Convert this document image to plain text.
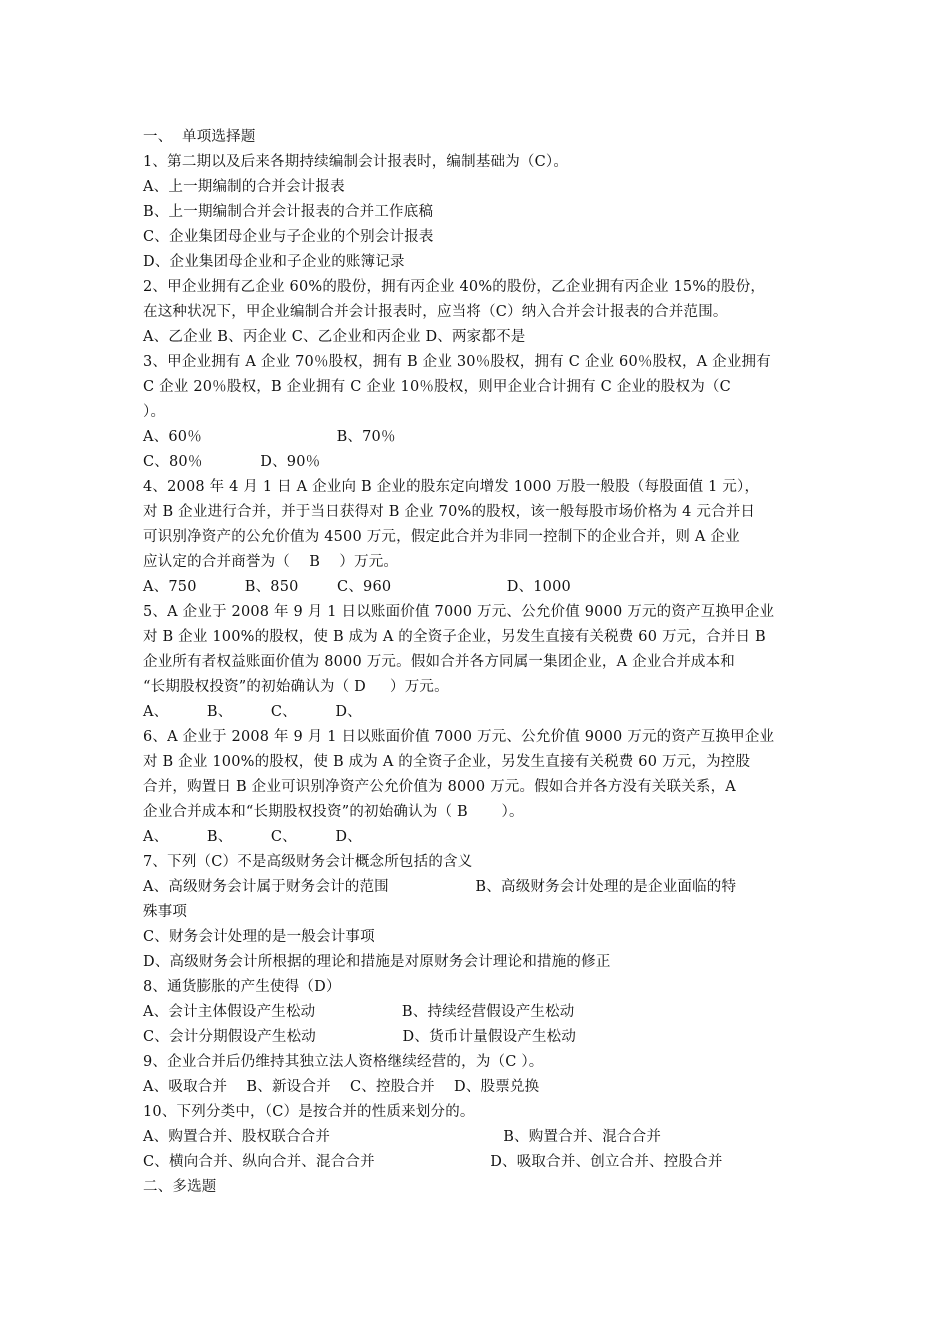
一、  单项选择题
1、第二期以及后来各期持续编制会计报表时，编制基础为（C）。
A、上一期编制的合并会计报表
B、上一期编制合并会计报表的合并工作底稿
C、企业集团母企业与子企业的个别会计报表
D、企业集团母企业和子企业的账簿记录
2、甲企业拥有乙企业 60%的股份，拥有丙企业 40%的股份，乙企业拥有丙企业 15%的股份，
在这种状况下，甲企业编制合并会计报表时，应当将（C）纳入合并会计报表的合并范围。
A、乙企业 B、丙企业 C、乙企业和丙企业 D、两家都不是
3、甲企业拥有 A 企业 70％股权，拥有 B 企业 30％股权，拥有 C 企业 60％股权，A 企业拥有
C 企业 20％股权，B 企业拥有 C 企业 10％股权，则甲企业合计拥有 C 企业的股权为（C
）。
A、60％                            B、70％
C、80％            D、90％
4、2008 年 4 月 1 日 A 企业向 B 企业的股东定向增发 1000 万股一般股（每股面值 1 元），
对 B 企业进行合并，并于当日获得对 B 企业 70%的股权，该一般每股市场价格为 4 元合并日
可识别净资产的公允价值为 4500 万元，假定此合并为非同一控制下的企业合并，则 A 企业
应认定的合并商誉为（    B    ）万元。
A、750          B、850        C、960                        D、1000
5、A 企业于 2008 年 9 月 1 日以账面价值 7000 万元、公允价值 9000 万元的资产互换甲企业
对 B 企业 100%的股权，使 B 成为 A 的全资子企业，另发生直接有关税费 60 万元，合并日 B
企业所有者权益账面价值为 8000 万元。假如合并各方同属一集团企业，A 企业合并成本和
“长期股权投资”的初始确认为（ D     ）万元。
A、        B、        C、        D、
6、A 企业于 2008 年 9 月 1 日以账面价值 7000 万元、公允价值 9000 万元的资产互换甲企业
对 B 企业 100%的股权，使 B 成为 A 的全资子企业，另发生直接有关税费 60 万元，为控股
合并，购置日 B 企业可识别净资产公允价值为 8000 万元。假如合并各方没有关联关系，A
企业合并成本和“长期股权投资”的初始确认为（ B       ）。
A、        B、        C、        D、
7、下列（C）不是高级财务会计概念所包括的含义
A、高级财务会计属于财务会计的范围                  B、高级财务会计处理的是企业面临的特
殊事项
C、财务会计处理的是一般会计事项
D、高级财务会计所根据的理论和措施是对原财务会计理论和措施的修正
8、通货膨胀的产生使得（D）
A、会计主体假设产生松动                  B、持续经营假设产生松动
C、会计分期假设产生松动                  D、货币计量假设产生松动
9、企业合并后仍维持其独立法人资格继续经营的，为（C ）。
A、吸取合并    B、新设合并    C、控股合并    D、股票兑换
10、下列分类中，（C）是按合并的性质来划分的。
A、购置合并、股权联合合并                                    B、购置合并、混合合并
C、横向合并、纵向合并、混合合并                        D、吸取合并、创立合并、控股合并
二、多选题
